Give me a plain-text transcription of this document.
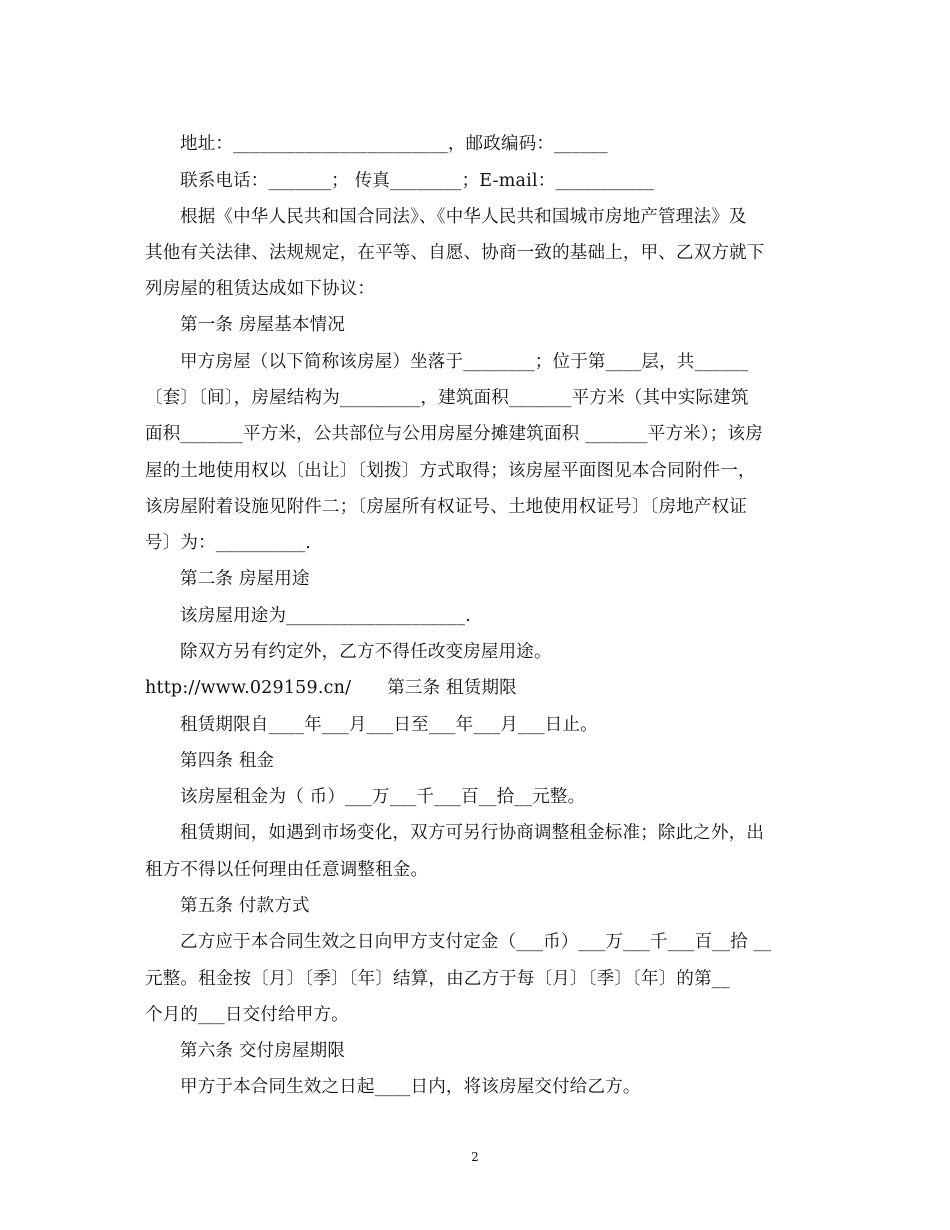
地址：________________________，邮政编码：______
联系电话：_______； 传真________；E-mail：___________
根据《中华人民共和国合同法》、《中华人民共和国城市房地产管理法》及
其他有关法律、法规规定，在平等、自愿、协商一致的基础上，甲、乙双方就下
列房屋的租赁达成如下协议：
第一条 房屋基本情况
甲方房屋（以下简称该房屋）坐落于________；位于第____层，共______
〔套〕〔间〕，房屋结构为_________，建筑面积_______平方米（其中实际建筑
面积_______平方米，公共部位与公用房屋分摊建筑面积 _______平方米）；该房
屋的土地使用权以〔出让〕〔划拨〕方式取得；该房屋平面图见本合同附件一，
该房屋附着设施见附件二；〔房屋所有权证号、土地使用权证号〕〔房地产权证
号〕为：__________.
第二条 房屋用途
该房屋用途为____________________.
除双方另有约定外，乙方不得任改变房屋用途。
http://www.029159.cn/ 第三条 租赁期限
租赁期限自____年___月___日至___年___月___日止。
第四条 租金
该房屋租金为（ 币）___万___千___百__拾__元整。
租赁期间，如遇到市场变化，双方可另行协商调整租金标准；除此之外，出
租方不得以任何理由任意调整租金。
第五条 付款方式
乙方应于本合同生效之日向甲方支付定金（___币）___万___千___百__拾 __
元整。租金按〔月〕〔季〕〔年〕结算，由乙方于每〔月〕〔季〕〔年〕的第__
个月的___日交付给甲方。
第六条 交付房屋期限
甲方于本合同生效之日起____日内，将该房屋交付给乙方。
2
